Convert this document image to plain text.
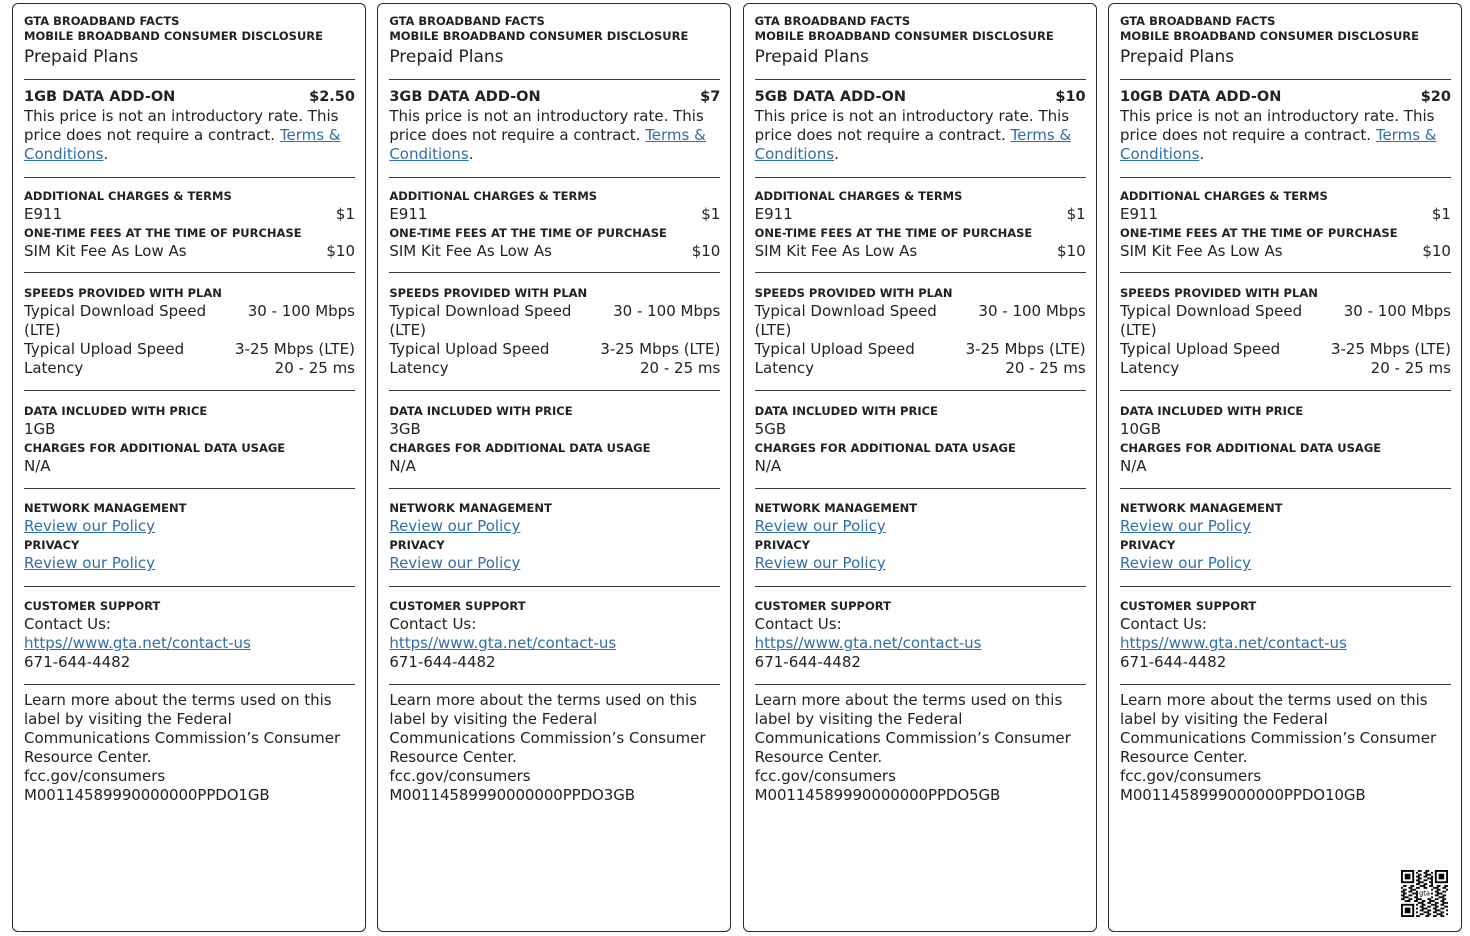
GTA BROADBAND FACTS
MOBILE BROADBAND CONSUMER DISCLOSURE
Prepaid Plans
1GB DATA ADD-ON	$2.50
This price is not an introductory rate. This price does not require a contract. Terms & Conditions.
ADDITIONAL CHARGES & TERMS
E911	$1
ONE-TIME FEES AT THE TIME OF PURCHASE
SIM Kit Fee As Low As	$10
SPEEDS PROVIDED WITH PLAN
Typical Download Speed (LTE)
30 - 100 Mbps
Typical Upload Speed	3-25 Mbps (LTE)
Latency	20 - 25 ms
DATA INCLUDED WITH PRICE
1GB
CHARGES FOR ADDITIONAL DATA USAGE
N/A
NETWORK MANAGEMENT
Review our Policy
PRIVACY
Review our Policy
CUSTOMER SUPPORT
Contact Us:
https//www.gta.net/contact-us
671-644-4482
Learn more about the terms used on this label by visiting the Federal Communications Commission’s Consumer Resource Center.
fcc.gov/consumers
M00114589990000000PPDO1GB
GTA BROADBAND FACTS
MOBILE BROADBAND CONSUMER DISCLOSURE
Prepaid Plans
3GB DATA ADD-ON	$7
This price is not an introductory rate. This price does not require a contract. Terms & Conditions.
ADDITIONAL CHARGES & TERMS
E911	$1
ONE-TIME FEES AT THE TIME OF PURCHASE
SIM Kit Fee As Low As	$10
SPEEDS PROVIDED WITH PLAN
Typical Download Speed (LTE)
30 - 100 Mbps
Typical Upload Speed	3-25 Mbps (LTE)
Latency	20 - 25 ms
DATA INCLUDED WITH PRICE
3GB
CHARGES FOR ADDITIONAL DATA USAGE
N/A
NETWORK MANAGEMENT
Review our Policy
PRIVACY
Review our Policy
CUSTOMER SUPPORT
Contact Us:
https//www.gta.net/contact-us
671-644-4482
Learn more about the terms used on this label by visiting the Federal Communications Commission’s Consumer Resource Center.
fcc.gov/consumers
M00114589990000000PPDO3GB
GTA BROADBAND FACTS
MOBILE BROADBAND CONSUMER DISCLOSURE
Prepaid Plans
5GB DATA ADD-ON	$10
This price is not an introductory rate. This price does not require a contract. Terms & Conditions.
ADDITIONAL CHARGES & TERMS
E911	$1
ONE-TIME FEES AT THE TIME OF PURCHASE
SIM Kit Fee As Low As	$10
SPEEDS PROVIDED WITH PLAN
Typical Download Speed (LTE)
30 - 100 Mbps
Typical Upload Speed	3-25 Mbps (LTE)
Latency	20 - 25 ms
DATA INCLUDED WITH PRICE
5GB
CHARGES FOR ADDITIONAL DATA USAGE
N/A
NETWORK MANAGEMENT
Review our Policy
PRIVACY
Review our Policy
CUSTOMER SUPPORT
Contact Us:
https//www.gta.net/contact-us
671-644-4482
Learn more about the terms used on this label by visiting the Federal Communications Commission’s Consumer Resource Center.
fcc.gov/consumers
M00114589990000000PPDO5GB
GTA BROADBAND FACTS
MOBILE BROADBAND CONSUMER DISCLOSURE
Prepaid Plans
10GB DATA ADD-ON	$20
This price is not an introductory rate. This price does not require a contract. Terms & Conditions.
ADDITIONAL CHARGES & TERMS
E911	$1
ONE-TIME FEES AT THE TIME OF PURCHASE
SIM Kit Fee As Low As	$10
SPEEDS PROVIDED WITH PLAN
Typical Download Speed (LTE)
30 - 100 Mbps
Typical Upload Speed	3-25 Mbps (LTE)
Latency	20 - 25 ms
DATA INCLUDED WITH PRICE
10GB
CHARGES FOR ADDITIONAL DATA USAGE
N/A
NETWORK MANAGEMENT
Review our Policy
PRIVACY
Review our Policy
CUSTOMER SUPPORT
Contact Us:
https//www.gta.net/contact-us
671-644-4482
Learn more about the terms used on this label by visiting the Federal Communications Commission’s Consumer Resource Center.
fcc.gov/consumers
M0011458999000000PPDO10GB
gta
